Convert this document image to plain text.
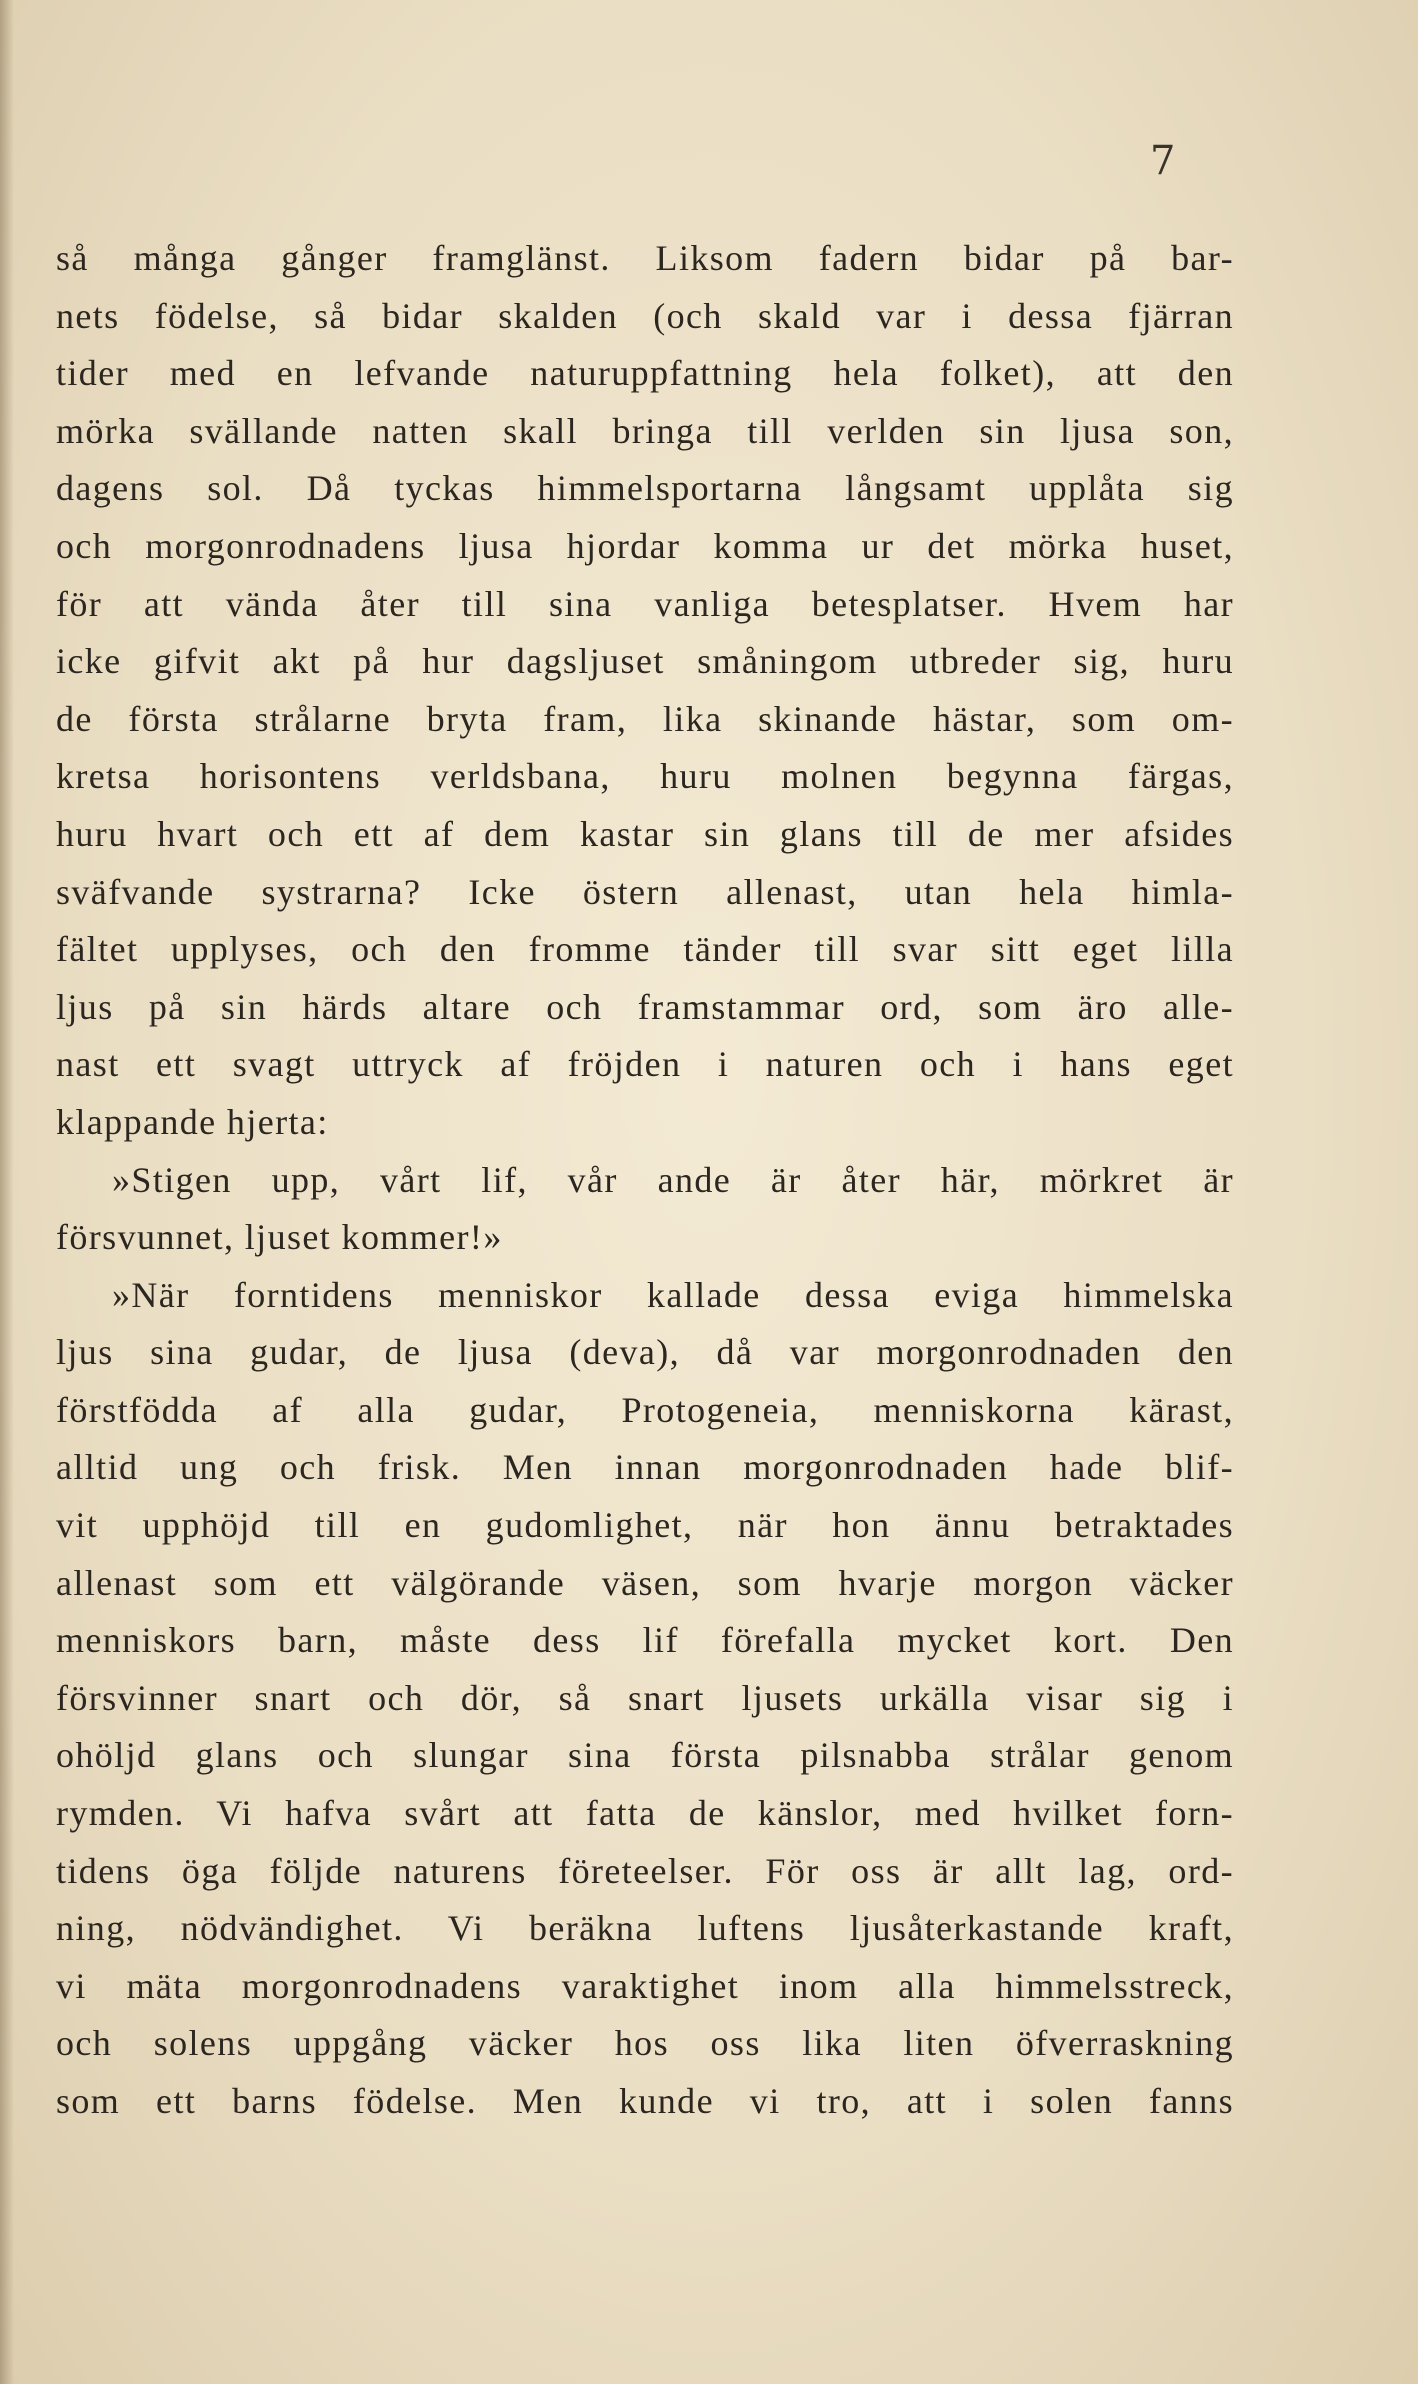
7
så många gånger framglänst. Liksom fadern bidar på bar-
nets födelse, så bidar skalden (och skald var i dessa fjärran
tider med en lefvande naturuppfattning hela folket), att den
mörka svällande natten skall bringa till verlden sin ljusa son,
dagens sol. Då tyckas himmelsportarna långsamt upplåta sig
och morgonrodnadens ljusa hjordar komma ur det mörka huset,
för att vända åter till sina vanliga betesplatser. Hvem har
icke gifvit akt på hur dagsljuset småningom utbreder sig, huru
de första strålarne bryta fram, lika skinande hästar, som om-
kretsa horisontens verldsbana, huru molnen begynna färgas,
huru hvart och ett af dem kastar sin glans till de mer afsides
sväfvande systrarna? Icke östern allenast, utan hela himla-
fältet upplyses, och den fromme tänder till svar sitt eget lilla
ljus på sin härds altare och framstammar ord, som äro alle-
nast ett svagt uttryck af fröjden i naturen och i hans eget
klappande hjerta:
»Stigen upp, vårt lif, vår ande är åter här, mörkret är
försvunnet, ljuset kommer!»
»När forntidens menniskor kallade dessa eviga himmelska
ljus sina gudar, de ljusa (deva), då var morgonrodnaden den
förstfödda af alla gudar, Protogeneia, menniskorna kärast,
alltid ung och frisk. Men innan morgonrodnaden hade blif-
vit upphöjd till en gudomlighet, när hon ännu betraktades
allenast som ett välgörande väsen, som hvarje morgon väcker
menniskors barn, måste dess lif förefalla mycket kort. Den
försvinner snart och dör, så snart ljusets urkälla visar sig i
ohöljd glans och slungar sina första pilsnabba strålar genom
rymden. Vi hafva svårt att fatta de känslor, med hvilket forn-
tidens öga följde naturens företeelser. För oss är allt lag, ord-
ning, nödvändighet. Vi beräkna luftens ljusåterkastande kraft,
vi mäta morgonrodnadens varaktighet inom alla himmelsstreck,
och solens uppgång väcker hos oss lika liten öfverraskning
som ett barns födelse. Men kunde vi tro, att i solen fanns
